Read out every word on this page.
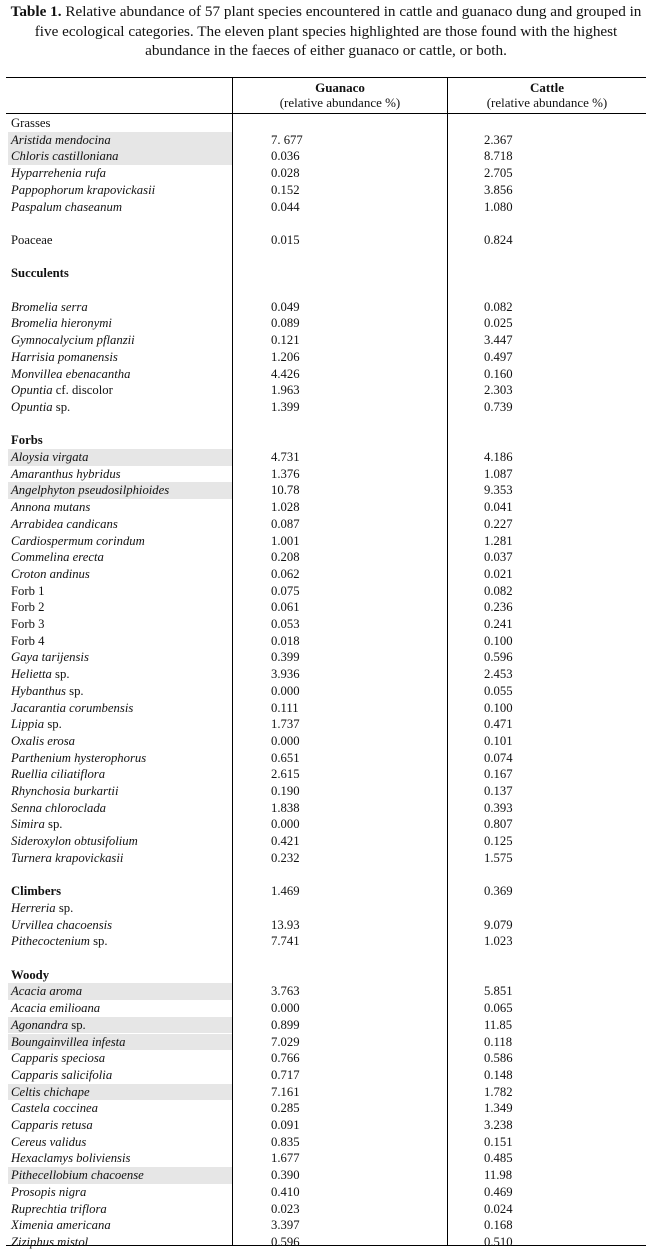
Table 1. Relative abundance of 57 plant species encountered in cattle and guanaco dung and grouped in five ecological categories. The eleven plant species highlighted are those found with the highest abundance in the faeces of either guanaco or cattle, or both.
Guanaco
(relative abundance %)
Cattle
(relative abundance %)
Grasses
Aristida mendocina	7. 677	2.367
Chloris castilloniana	0.036	8.718
Hyparrehenia rufa	0.028	2.705
Pappophorum krapovickasii	0.152	3.856
Paspalum chaseanum	0.044	1.080
Poaceae	0.015	0.824
Succulents
Bromelia serra	0.049	0.082
Bromelia hieronymi	0.089	0.025
Gymnocalycium pflanzii	0.121	3.447
Harrisia pomanensis	1.206	0.497
Monvillea ebenacantha	4.426	0.160
Opuntia cf. discolor	1.963	2.303
Opuntia sp.	1.399	0.739
Forbs
Aloysia virgata	4.731	4.186
Amaranthus hybridus	1.376	1.087
Angelphyton pseudosilphioides	10.78	9.353
Annona mutans	1.028	0.041
Arrabidea candicans	0.087	0.227
Cardiospermum corindum	1.001	1.281
Commelina erecta	0.208	0.037
Croton andinus	0.062	0.021
Forb 1	0.075	0.082
Forb 2	0.061	0.236
Forb 3	0.053	0.241
Forb 4	0.018	0.100
Gaya tarijensis	0.399	0.596
Helietta sp.	3.936	2.453
Hybanthus sp.	0.000	0.055
Jacarantia corumbensis	0.111	0.100
Lippia sp.	1.737	0.471
Oxalis erosa	0.000	0.101
Parthenium hysterophorus	0.651	0.074
Ruellia ciliatiflora	2.615	0.167
Rhynchosia burkartii	0.190	0.137
Senna chloroclada	1.838	0.393
Simira sp.	0.000	0.807
Sideroxylon obtusifolium	0.421	0.125
Turnera krapovickasii	0.232	1.575
Climbers	1.469	0.369
Herreria sp.
Urvillea chacoensis	13.93	9.079
Pithecoctenium sp.	7.741	1.023
Woody
Acacia aroma	3.763	5.851
Acacia emilioana	0.000	0.065
Agonandra sp.	0.899	11.85
Boungainvillea infesta	7.029	0.118
Capparis speciosa	0.766	0.586
Capparis salicifolia	0.717	0.148
Celtis chichape	7.161	1.782
Castela coccinea	0.285	1.349
Capparis retusa	0.091	3.238
Cereus validus	0.835	0.151
Hexaclamys boliviensis	1.677	0.485
Pithecellobium chacoense	0.390	11.98
Prosopis nigra	0.410	0.469
Ruprechtia triflora	0.023	0.024
Ximenia americana	3.397	0.168
Ziziphus mistol	0.596	0.510
